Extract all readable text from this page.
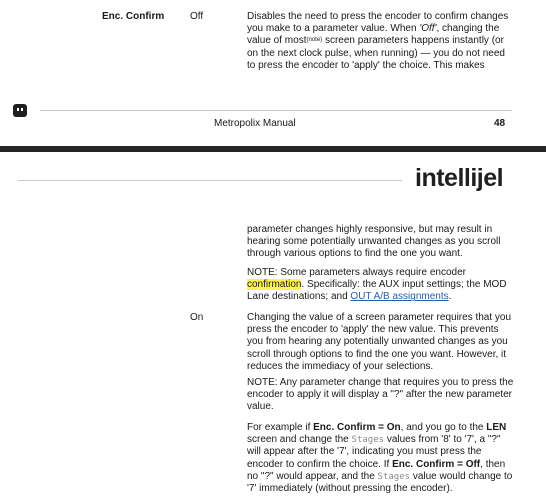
Enc. Confirm	Off	Disables the need to press the encoder to confirm changes you make to a parameter value. When 'Off', changing the value of most$^{(note)}$ screen parameters happens instantly (or on the next clock pulse, when running) — you do not need to press the encoder to 'apply' the choice. This makes

Metropolix Manual	48
intellijel

parameter changes highly responsive, but may result in hearing some potentially unwanted changes as you scroll through various options to find the one you want.

NOTE: Some parameters always require encoder confirmation. Specifically: the AUX input settings; the MOD Lane destinations; and OUT A/B assignments.

On	Changing the value of a screen parameter requires that you press the encoder to 'apply' the new value. This prevents you from hearing any potentially unwanted changes as you scroll through options to find the one you want. However, it reduces the immediacy of your selections.

NOTE: Any parameter change that requires you to press the encoder to apply it will display a "?" after the new parameter value.

For example if Enc. Confirm = On, and you go to the LEN screen and change the Stages values from '8' to '7', a "?" will appear after the '7', indicating you must press the encoder to confirm the choice. If Enc. Confirm = Off, then no "?" would appear, and the Stages value would change to '7' immediately (without pressing the encoder).
